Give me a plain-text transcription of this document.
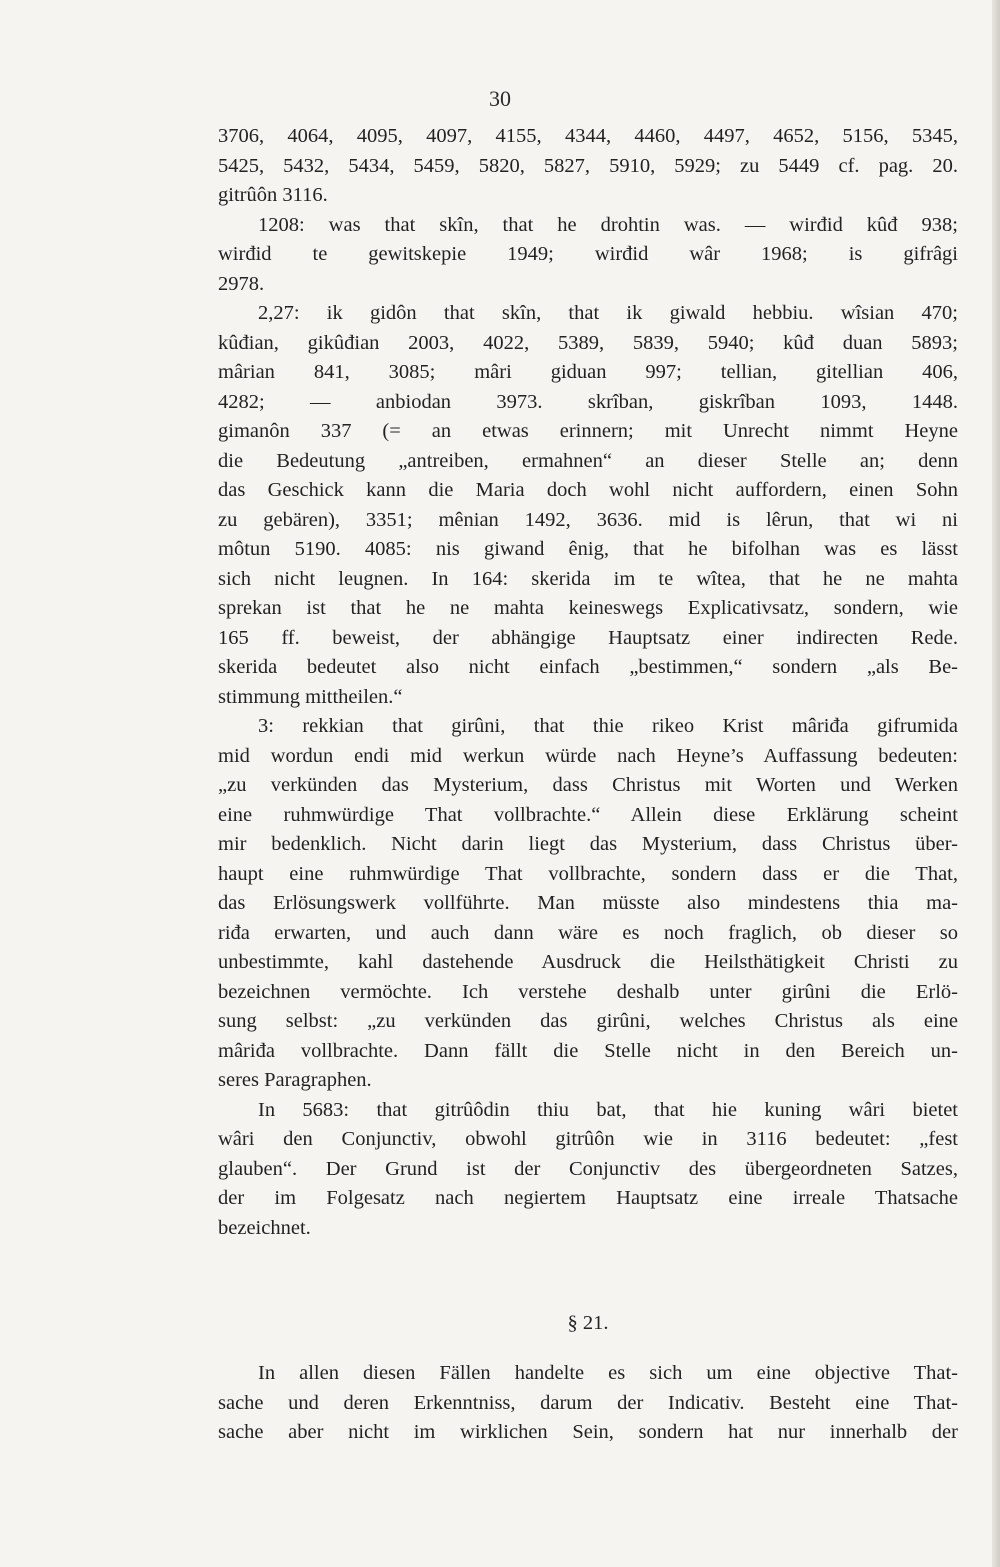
30
3706, 4064, 4095, 4097, 4155, 4344, 4460, 4497, 4652, 5156, 5345,
5425, 5432, 5434, 5459, 5820, 5827, 5910, 5929; zu 5449 cf. pag. 20.
gitrûôn 3116.
1208: was that skîn, that he drohtin was. — wirđid kûđ 938;
wirđid te gewitskepie 1949; wirđid wâr 1968; is gifrâgi
2978.
2,27: ik gidôn that skîn, that ik giwald hebbiu. wîsian 470;
kûđian, gikûđian 2003, 4022, 5389, 5839, 5940; kûđ duan 5893;
mârian 841, 3085; mâri giduan 997; tellian, gitellian 406,
4282; — anbiodan 3973. skrîban, giskrîban 1093, 1448.
gimanôn 337 (= an etwas erinnern; mit Unrecht nimmt Heyne
die Bedeutung „antreiben, ermahnen“ an dieser Stelle an; denn
das Geschick kann die Maria doch wohl nicht auffordern, einen Sohn
zu gebären), 3351; mênian 1492, 3636. mid is lêrun, that wi ni
môtun 5190. 4085: nis giwand ênig, that he bifolhan was es lässt
sich nicht leugnen. In 164: skerida im te wîtea, that he ne mahta
sprekan ist that he ne mahta keineswegs Explicativsatz, sondern, wie
165 ff. beweist, der abhängige Hauptsatz einer indirecten Rede.
skerida bedeutet also nicht einfach „bestimmen,“ sondern „als Be-
stimmung mittheilen.“
3: rekkian that girûni, that thie rikeo Krist mâriđa gifrumida
mid wordun endi mid werkun würde nach Heyne’s Auffassung bedeuten:
„zu verkünden das Mysterium, dass Christus mit Worten und Werken
eine ruhmwürdige That vollbrachte.“ Allein diese Erklärung scheint
mir bedenklich. Nicht darin liegt das Mysterium, dass Christus über-
haupt eine ruhmwürdige That vollbrachte, sondern dass er die That,
das Erlösungswerk vollführte. Man müsste also mindestens thia ma-
riđa erwarten, und auch dann wäre es noch fraglich, ob dieser so
unbestimmte, kahl dastehende Ausdruck die Heilsthätigkeit Christi zu
bezeichnen vermöchte. Ich verstehe deshalb unter girûni die Erlö-
sung selbst: „zu verkünden das girûni, welches Christus als eine
mâriđa vollbrachte. Dann fällt die Stelle nicht in den Bereich un-
seres Paragraphen.
In 5683: that gitrûôdin thiu bat, that hie kuning wâri bietet
wâri den Conjunctiv, obwohl gitrûôn wie in 3116 bedeutet: „fest
glauben“. Der Grund ist der Conjunctiv des übergeordneten Satzes,
der im Folgesatz nach negiertem Hauptsatz eine irreale Thatsache
bezeichnet.
§ 21.
In allen diesen Fällen handelte es sich um eine objective That-
sache und deren Erkenntniss, darum der Indicativ. Besteht eine That-
sache aber nicht im wirklichen Sein, sondern hat nur innerhalb der
